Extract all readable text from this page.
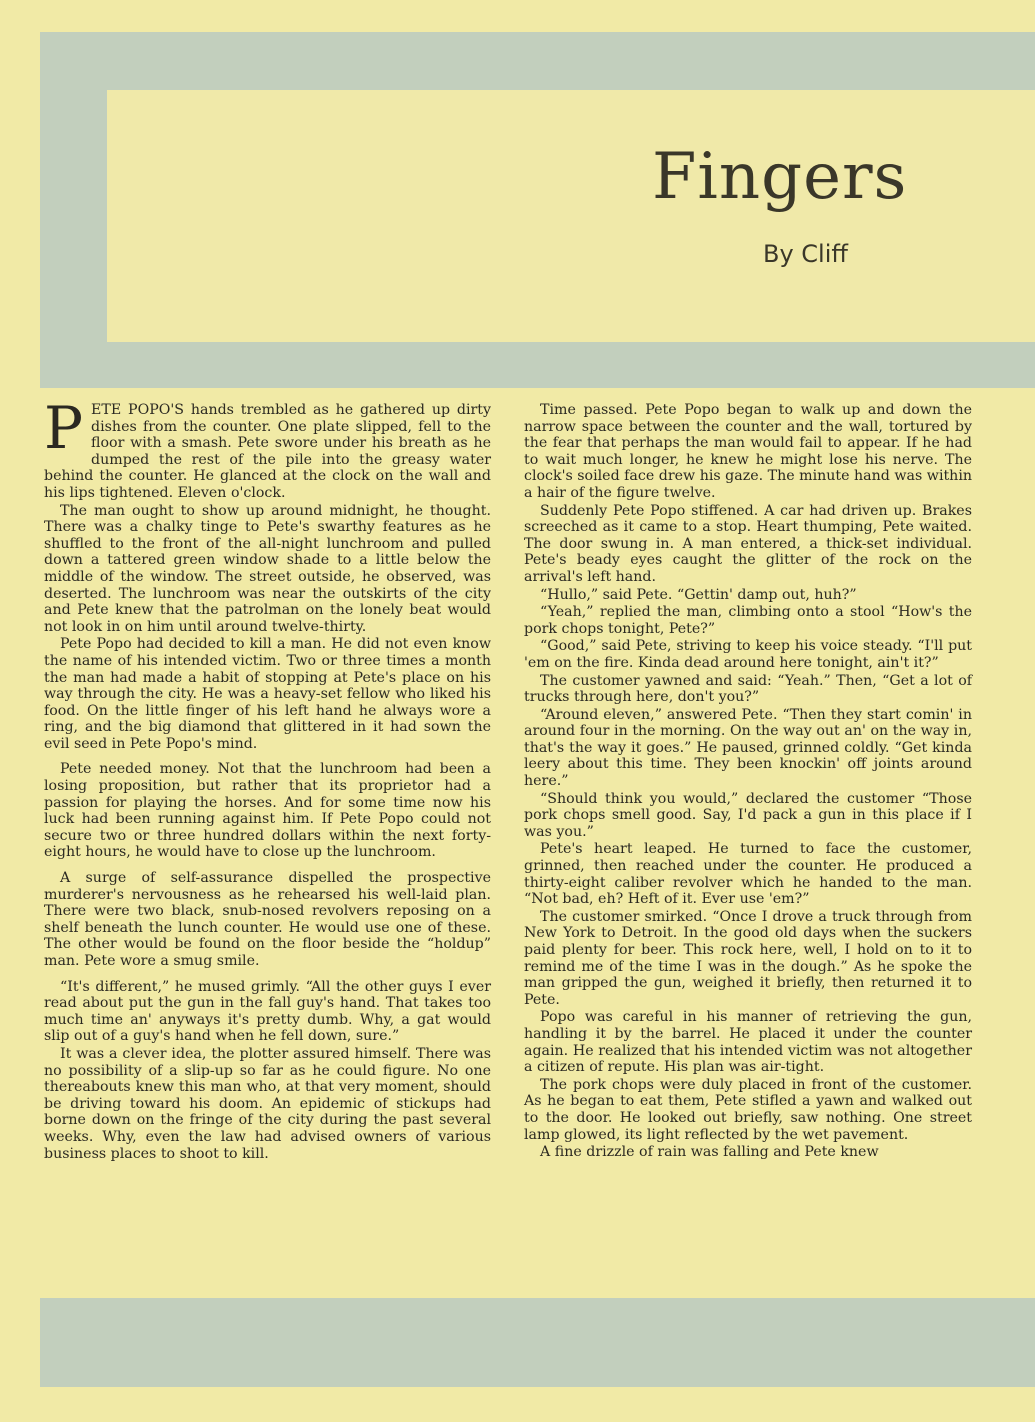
Fingers

By Cliff

P ETE POPO'S hands trembled as he gathered up dirty dishes from the counter. One plate slipped, fell to the floor with a smash. Pete swore under his breath as he dumped the rest of the pile into the greasy water behind the counter. He glanced at the clock on the wall and his lips tightened. Eleven o'clock.

The man ought to show up around midnight, he thought. There was a chalky tinge to Pete's swarthy features as he shuffled to the front of the all-night lunchroom and pulled down a tattered green window shade to a little below the middle of the window. The street outside, he observed, was deserted. The lunchroom was near the outskirts of the city and Pete knew that the patrolman on the lonely beat would not look in on him until around twelve-thirty.

Pete Popo had decided to kill a man. He did not even know the name of his intended victim. Two or three times a month the man had made a habit of stopping at Pete's place on his way through the city. He was a heavy-set fellow who liked his food. On the little finger of his left hand he always wore a ring, and the big diamond that glittered in it had sown the evil seed in Pete Popo's mind.

Pete needed money. Not that the lunchroom had been a losing proposition, but rather that its proprietor had a passion for playing the horses. And for some time now his luck had been running against him. If Pete Popo could not secure two or three hundred dollars within the next forty-eight hours, he would have to close up the lunchroom.

A surge of self-assurance dispelled the prospective murderer's nervousness as he rehearsed his well-laid plan. There were two black, snub-nosed revolvers reposing on a shelf beneath the lunch counter. He would use one of these. The other would be found on the floor beside the “holdup” man. Pete wore a smug smile.

“It's different,” he mused grimly. “All the other guys I ever read about put the gun in the fall guy's hand. That takes too much time an' anyways it's pretty dumb. Why, a gat would slip out of a guy's hand when he fell down, sure.”

It was a clever idea, the plotter assured himself. There was no possibility of a slip-up so far as he could figure. No one thereabouts knew this man who, at that very moment, should be driving toward his doom. An epidemic of stickups had borne down on the fringe of the city during the past several weeks. Why, even the law had advised owners of various business places to shoot to kill.

Time passed. Pete Popo began to walk up and down the narrow space between the counter and the wall, tortured by the fear that perhaps the man would fail to appear. If he had to wait much longer, he knew he might lose his nerve. The clock's soiled face drew his gaze. The minute hand was within a hair of the figure twelve.

Suddenly Pete Popo stiffened. A car had driven up. Brakes screeched as it came to a stop. Heart thumping, Pete waited. The door swung in. A man entered, a thick-set individual. Pete's beady eyes caught the glitter of the rock on the arrival's left hand.

“Hullo,” said Pete. “Gettin' damp out, huh?”

“Yeah,” replied the man, climbing onto a stool “How's the pork chops tonight, Pete?”

“Good,” said Pete, striving to keep his voice steady. “I'll put 'em on the fire. Kinda dead around here tonight, ain't it?”

The customer yawned and said: “Yeah.” Then, “Get a lot of trucks through here, don't you?”

“Around eleven,” answered Pete. “Then they start comin' in around four in the morning. On the way out an' on the way in, that's the way it goes.” He paused, grinned coldly. “Get kinda leery about this time. They been knockin' off joints around here.”

“Should think you would,” declared the customer “Those pork chops smell good. Say, I'd pack a gun in this place if I was you.”

Pete's heart leaped. He turned to face the customer, grinned, then reached under the counter. He produced a thirty-eight caliber revolver which he handed to the man. “Not bad, eh? Heft of it. Ever use 'em?”

The customer smirked. “Once I drove a truck through from New York to Detroit. In the good old days when the suckers paid plenty for beer. This rock here, well, I hold on to it to remind me of the time I was in the dough.” As he spoke the man gripped the gun, weighed it briefly, then returned it to Pete.

Popo was careful in his manner of retrieving the gun, handling it by the barrel. He placed it under the counter again. He realized that his intended victim was not altogether a citizen of repute. His plan was air-tight.

The pork chops were duly placed in front of the customer. As he began to eat them, Pete stifled a yawn and walked out to the door. He looked out briefly, saw nothing. One street lamp glowed, its light reflected by the wet pavement.

A fine drizzle of rain was falling and Pete knew
